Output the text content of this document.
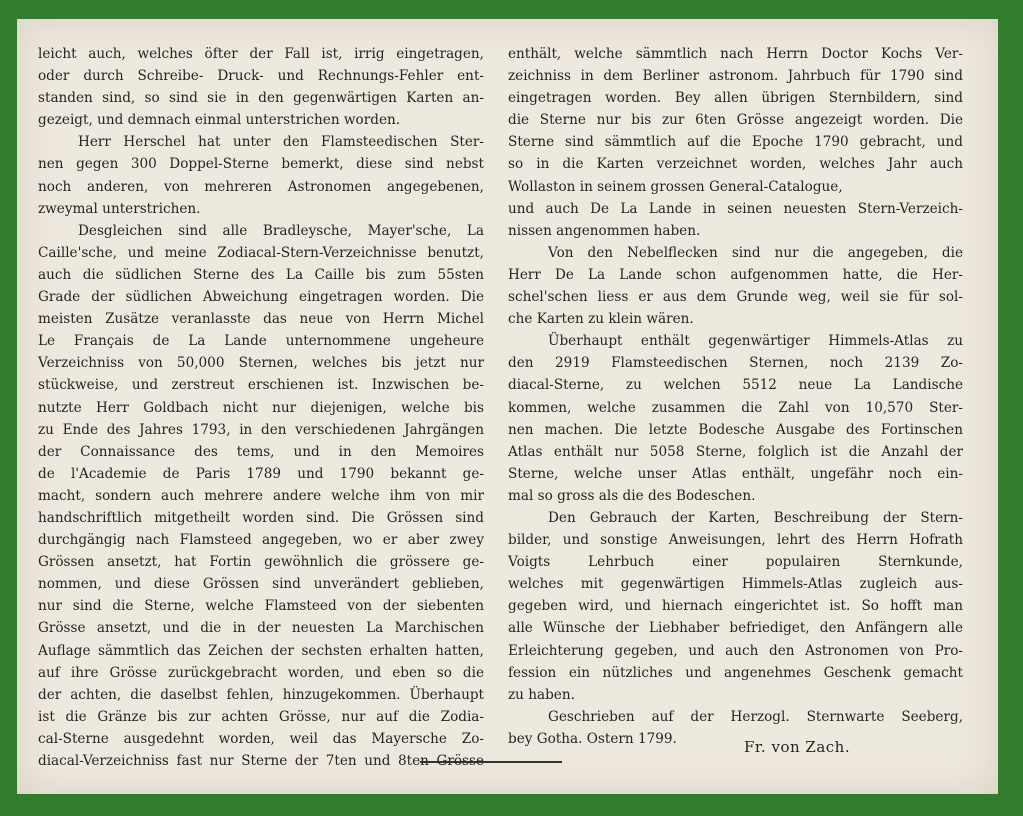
leicht auch, welches öfter der Fall ist, irrig eingetragen,

oder durch Schreibe- Druck- und Rechnungs-Fehler ent-

standen sind, so sind sie in den gegenwärtigen Karten an-

gezeigt, und demnach einmal unterstrichen worden.

Herr Herschel hat unter den Flamsteedischen Ster-

nen gegen 300 Doppel-Sterne bemerkt, diese sind nebst

noch anderen, von mehreren Astronomen angegebenen,

zweymal unterstrichen.

Desgleichen sind alle Bradleysche, Mayer'sche, La

Caille'sche, und meine Zodiacal-Stern-Verzeichnisse benutzt,

auch die südlichen Sterne des La Caille bis zum 55sten

Grade der südlichen Abweichung eingetragen worden. Die

meisten Zusätze veranlasste das neue von Herrn Michel

Le Français de La Lande unternommene ungeheure

Verzeichniss von 50,000 Sternen, welches bis jetzt nur

stückweise, und zerstreut erschienen ist. Inzwischen be-

nutzte Herr Goldbach nicht nur diejenigen, welche bis

zu Ende des Jahres 1793, in den verschiedenen Jahrgängen

der Connaissance des tems, und in den Memoires

de l'Academie de Paris 1789 und 1790 bekannt ge-

macht, sondern auch mehrere andere welche ihm von mir

handschriftlich mitgetheilt worden sind. Die Grössen sind

durchgängig nach Flamsteed angegeben, wo er aber zwey

Grössen ansetzt, hat Fortin gewöhnlich die grössere ge-

nommen, und diese Grössen sind unverändert geblieben,

nur sind die Sterne, welche Flamsteed von der siebenten

Grösse ansetzt, und die in der neuesten La Marchischen

Auflage sämmtlich das Zeichen der sechsten erhalten hatten,

auf ihre Grösse zurückgebracht worden, und eben so die

der achten, die daselbst fehlen, hinzugekommen. Überhaupt

ist die Gränze bis zur achten Grösse, nur auf die Zodia-

cal-Sterne ausgedehnt worden, weil das Mayersche Zo-

diacal-Verzeichniss fast nur Sterne der 7ten und 8ten Grösse

enthält, welche sämmtlich nach Herrn Doctor Kochs Ver-

zeichniss in dem Berliner astronom. Jahrbuch für 1790 sind

eingetragen worden. Bey allen übrigen Sternbildern, sind

die Sterne nur bis zur 6ten Grösse angezeigt worden. Die

Sterne sind sämmtlich auf die Epoche 1790 gebracht, und

so in die Karten verzeichnet worden, welches Jahr auch

Wollaston in seinem grossen General-Catalogue,

und auch De La Lande in seinen neuesten Stern-Verzeich-

nissen angenommen haben.

Von den Nebelflecken sind nur die angegeben, die

Herr De La Lande schon aufgenommen hatte, die Her-

schel'schen liess er aus dem Grunde weg, weil sie für sol-

che Karten zu klein wären.

Überhaupt enthält gegenwärtiger Himmels-Atlas zu

den 2919 Flamsteedischen Sternen, noch 2139 Zo-

diacal-Sterne, zu welchen 5512 neue La Landische

kommen, welche zusammen die Zahl von 10,570 Ster-

nen machen. Die letzte Bodesche Ausgabe des Fortinschen

Atlas enthält nur 5058 Sterne, folglich ist die Anzahl der

Sterne, welche unser Atlas enthält, ungefähr noch ein-

mal so gross als die des Bodeschen.

Den Gebrauch der Karten, Beschreibung der Stern-

bilder, und sonstige Anweisungen, lehrt des Herrn Hofrath

Voigts Lehrbuch einer populairen Sternkunde,

welches mit gegenwärtigen Himmels-Atlas zugleich aus-

gegeben wird, und hiernach eingerichtet ist. So hofft man

alle Wünsche der Liebhaber befriediget, den Anfängern alle

Erleichterung gegeben, und auch den Astronomen von Pro-

fession ein nützliches und angenehmes Geschenk gemacht

zu haben.

Geschrieben auf der Herzogl. Sternwarte Seeberg,

bey Gotha. Ostern 1799.	Fr. von Zach.
